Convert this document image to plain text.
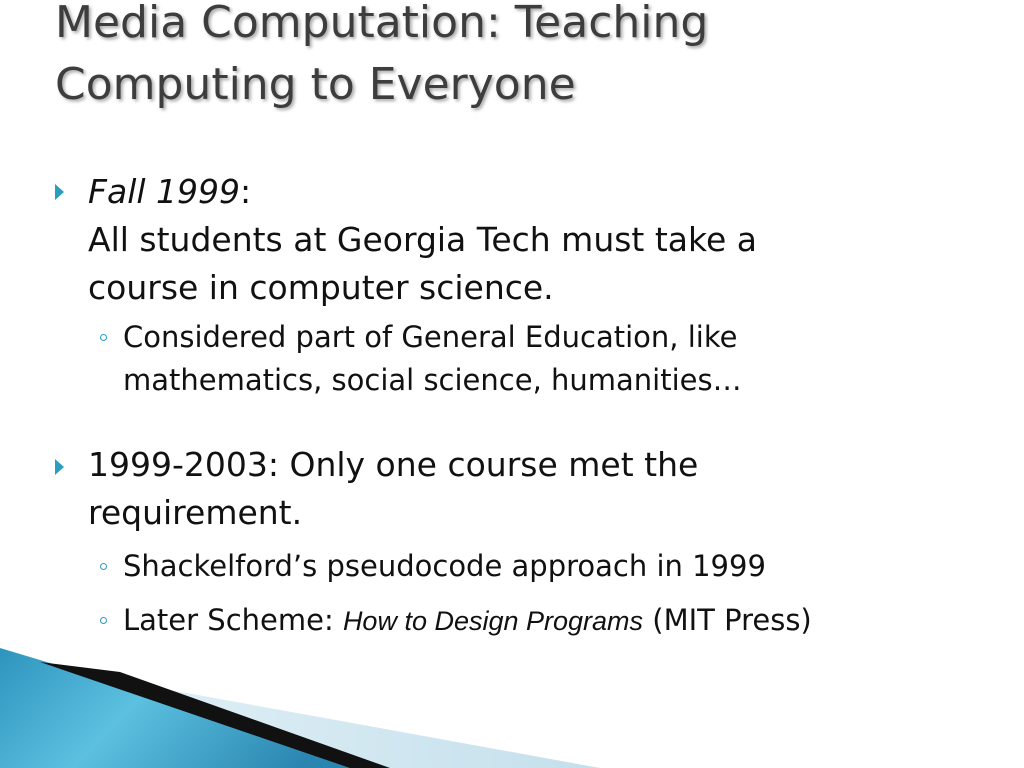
Media Computation: Teaching
Computing to Everyone
Fall 1999:
All students at Georgia Tech must take a
course in computer science.
Considered part of General Education, like
mathematics, social science, humanities…
1999-2003: Only one course met the
requirement.
Shackelford’s pseudocode approach in 1999
Later Scheme: How to Design Programs (MIT Press)
